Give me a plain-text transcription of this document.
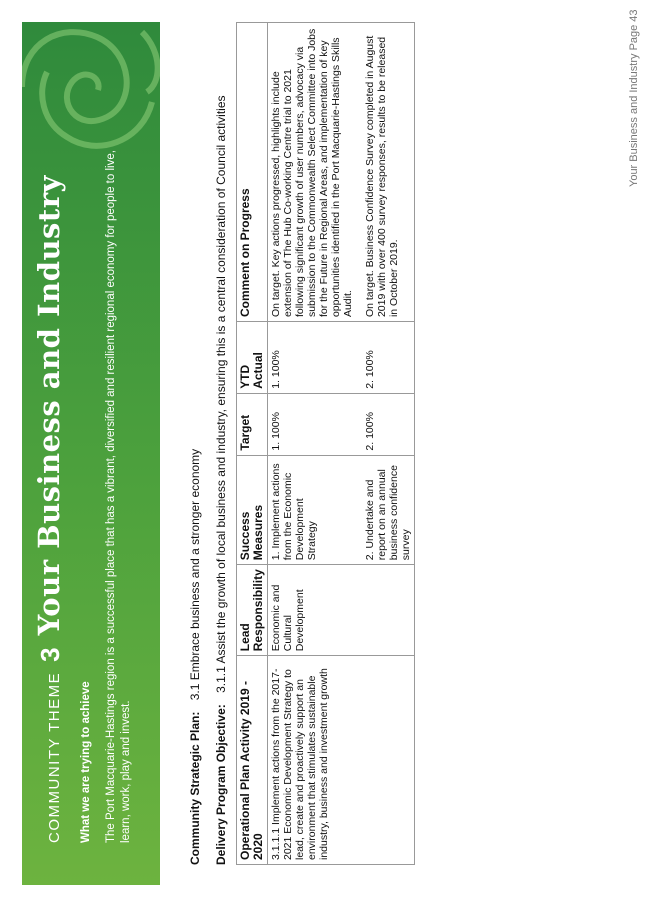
COMMUNITY THEME
3
Your Business and Industry
What we are trying to achieve The Port Macquarie-Hastings region is a successful place that has a vibrant, diversified and resilient regional economy for people to live, learn, work, play and invest.	Community Strategic Plan: 3.1 Embrace business and a stronger economy
Delivery Program Objective: 3.1.1 Assist the growth of local business and industry, ensuring this is a central consideration of Council activities
Operational Plan Activity 2019 - 2020	Lead Responsibility	Success Measures	Target	YTD Actual	Comment on Progress
3.1.1.1 Implement actions from the 2017-2021 Economic Development Strategy to lead, create and proactively support an environment that stimulates sustainable industry, business and investment growth	Economic and Cultural Development	1. Implement actions from the Economic Development Strategy	1. 100%	1. 100%	On target. Key actions progressed, highlights include extension of The Hub Co-working Centre trial to 2021 following significant growth of user numbers, advocacy via submission to the Commonwealth Select Committee into Jobs for the Future in Regional Areas, and implementation of key opportunities identified in the Port Macquarie-Hastings Skills Audit.
		2. Undertake and report on an annual business confidence survey	2. 100%	2. 100%	On target. Business Confidence Survey completed in August 2019 with over 400 survey responses, results to be released in October 2019.
Your Business and Industry Page 43
